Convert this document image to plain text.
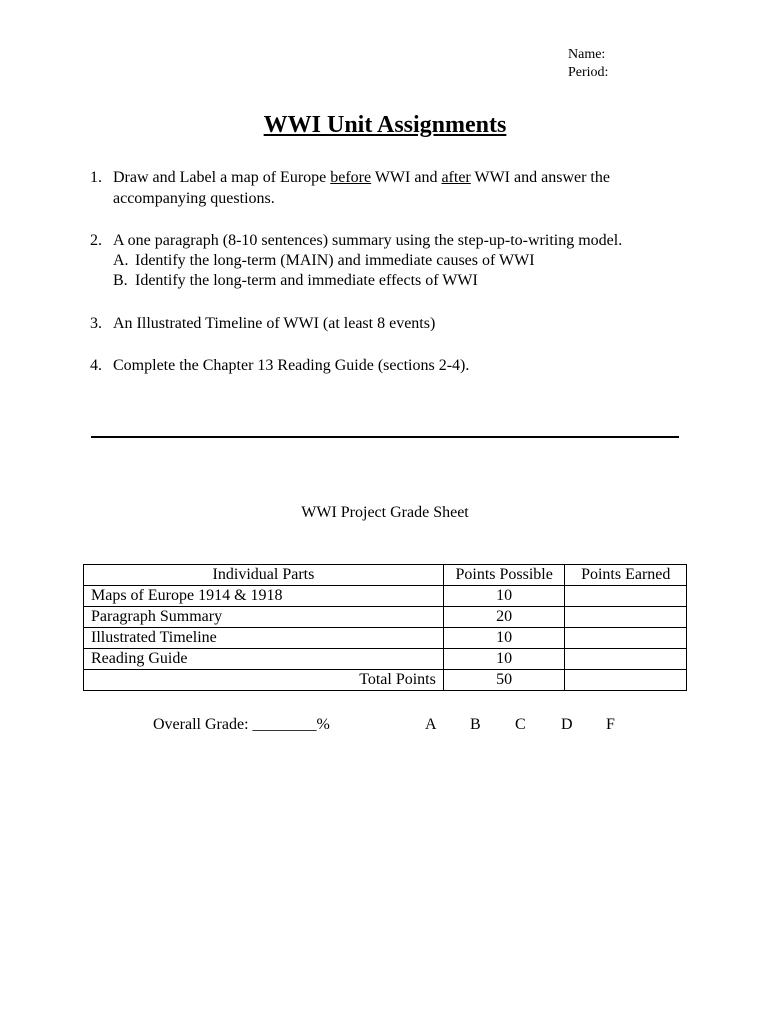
Name:
Period:
WWI Unit Assignments
1. Draw and Label a map of Europe before WWI and after WWI and answer the
accompanying questions.
2. A one paragraph (8-10 sentences) summary using the step-up-to-writing model.
A. Identify the long-term (MAIN) and immediate causes of WWI
B. Identify the long-term and immediate effects of WWI
3. An Illustrated Timeline of WWI (at least 8 events)
4. Complete the Chapter 13 Reading Guide (sections 2-4).
WWI Project Grade Sheet
Individual Parts	Points Possible	Points Earned
Maps of Europe 1914 & 1918	10	
Paragraph Summary	20	
Illustrated Timeline	10	
Reading Guide	10	
Total Points	50	
Overall Grade: ________%	A B C D F
